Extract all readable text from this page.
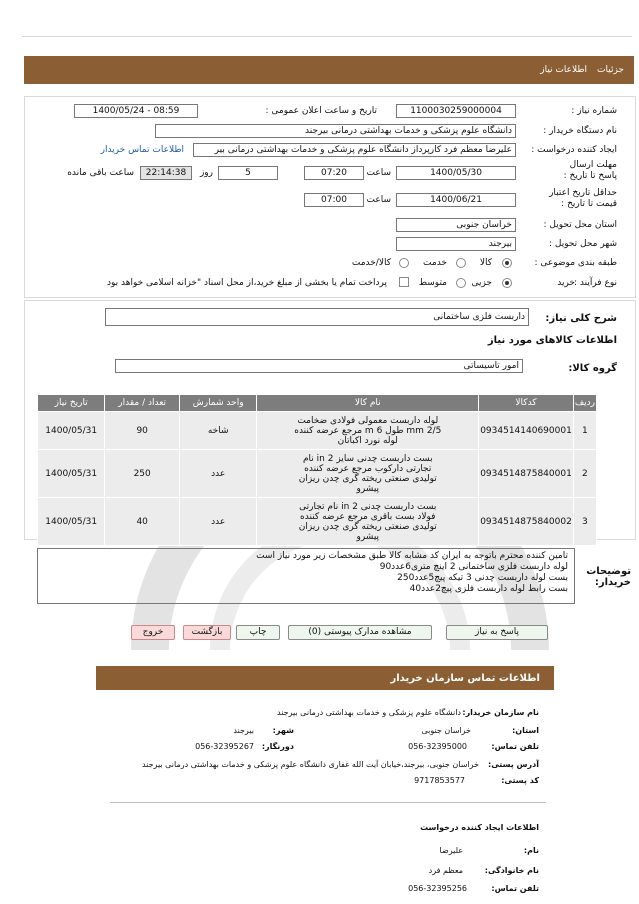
جزئیات
اطلاعات نیاز
شماره نیاز :
1100030259000004
تاریخ و ساعت اعلان عمومی :
1400/05/24 - 08:59
نام دستگاه خریدار :
دانشگاه علوم پزشکی و خدمات بهداشتی درمانی بیرجند
ایجاد کننده درخواست :
علیرضا معظم فرد کارپرداز دانشگاه علوم پزشکی و خدمات بهداشتی درمانی بیر
اطلاعات تماس خریدار
مهلت ارسال پاسخ تا تاریخ :
1400/05/30
ساعت
07:20
5
روز
22:14:38
ساعت باقی مانده
حداقل تاریخ اعتبار قیمت تا تاریخ :
1400/06/21
ساعت
07:00
استان محل تحویل :
خراسان جنوبی
شهر محل تحویل :
بیرجند
طبقه بندی موضوعی :
کالا
خدمت
کالا/خدمت
نوع فرآیند :
خرید
جزیی
متوسط
پرداخت تمام یا بخشی از مبلغ خرید،از محل اسناد "خزانه اسلامی خواهد بود
شرح کلی نیاز:
داربست فلزی ساختمانی
اطلاعات کالاهای مورد نیاز
گروه کالا:
امور تاسیساتی
ردیف	کدکالا	نام کالا	واحد شمارش	تعداد / مقدار	تاریخ نیاز
1	0934514140690001	لوله داربست معمولی فولادی ضخامت 2/5 mm طول 6 m مرجع عرضه کننده لوله نورد اکباتان	شاخه	90	1400/05/31
2	0934514875840001	بست داربست چدنی سایز 2 in نام تجارتی داركوب مرجع عرضه کننده تولیدی صنعتی ریخته گری چدن ریزان پیشرو	عدد	250	1400/05/31
3	0934514875840002	بست داربست چدنی 2 in نام تجارتی فولاد بست باقری مرجع عرضه کننده تولیدی صنعتی ریخته گری چدن ریزان پیشرو	عدد	40	1400/05/31
توضیحات خریدار:
تامین کننده محترم باتوجه به ایران کد مشابه کالا طبق مشخصات زیر مورد نیاز است
لوله داربست فلزی ساختمانی 2 اینچ متری6عدد90
بست لوله داربست چدنی 3 تیکه پیچ5عدد250
بست رابط لوله داربست فلزی پیچ2عدد40
پاسخ به نیاز
مشاهده مدارک پیوستی (0)
چاپ
بازگشت
خروج
اطلاعات تماس سازمان خریدار
نام سازمان خریدار:
دانشگاه علوم پزشکی و خدمات بهداشتی درمانی بیرجند
استان:
خراسان جنوبی
شهر:
بیرجند
تلفن تماس:
056-32395000
دورنگار:
056-32395267
آدرس پستی:
خراسان جنوبی، بیرجند،خیابان آیت الله غفاری دانشگاه علوم پزشکی و خدمات بهداشتی درمانی بیرجند
کد پستی:
9717853577
اطلاعات ایجاد کننده درخواست
نام:
علیرضا
نام خانوادگی:
معظم فرد
تلفن تماس:
056-32395256
